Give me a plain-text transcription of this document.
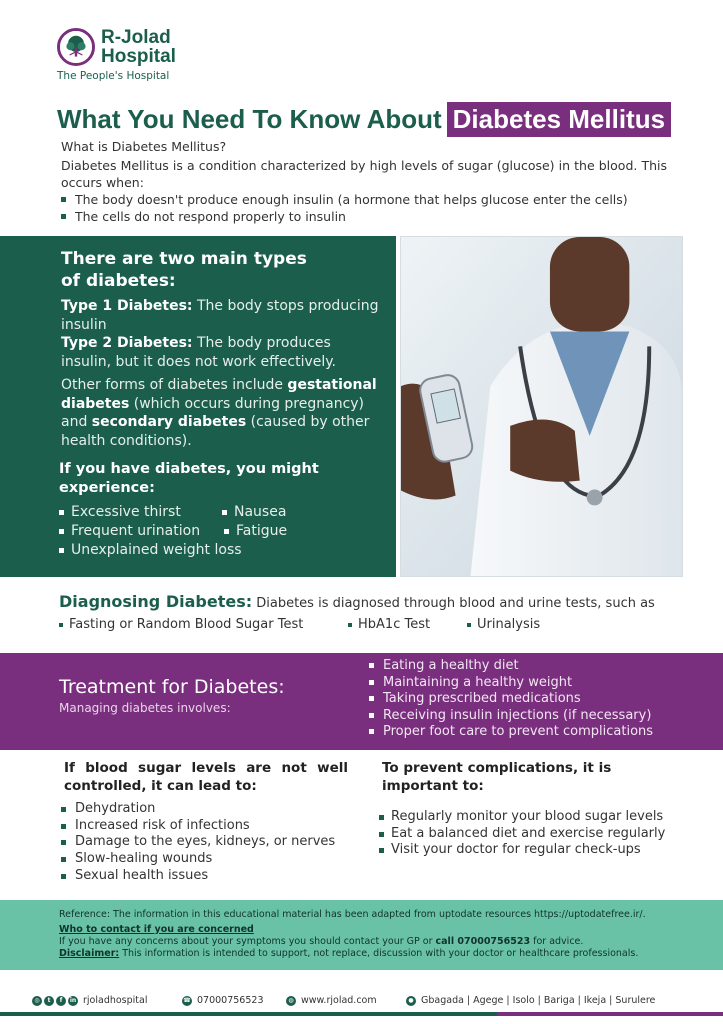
R-Jolad
Hospital
The People's Hospital
What You Need To Know About Diabetes Mellitus
What is Diabetes Mellitus?
Diabetes Mellitus is a condition characterized by high levels of sugar (glucose) in the blood. This occurs when:
The body doesn't produce enough insulin (a hormone that helps glucose enter the cells)
The cells do not respond properly to insulin
There are two main types of diabetes:
Type 1 Diabetes: The body stops producing insulin
Type 2 Diabetes: The body produces insulin, but it does not work effectively.
Other forms of diabetes include gestational diabetes (which occurs during pregnancy) and secondary diabetes (caused by other health conditions).
If you have diabetes, you might experience:
Excessive thirst	Nausea
Frequent urination	Fatigue
Unexplained weight loss
Diagnosing Diabetes: Diabetes is diagnosed through blood and urine tests, such as
Fasting or Random Blood Sugar Test	HbA1c Test	Urinalysis
Treatment for Diabetes:
Managing diabetes involves:
Eating a healthy diet
Maintaining a healthy weight
Taking prescribed medications
Receiving insulin injections (if necessary)
Proper foot care to prevent complications
If blood sugar levels are not well controlled, it can lead to:
Dehydration
Increased risk of infections
Damage to the eyes, kidneys, or nerves
Slow-healing wounds
Sexual health issues
To prevent complications, it is important to:
Regularly monitor your blood sugar levels
Eat a balanced diet and exercise regularly
Visit your doctor for regular check-ups
Reference: The information in this educational material has been adapted from uptodate resources https://uptodatefree.ir/.
Who to contact if you are concerned
If you have any concerns about your symptoms you should contact your GP or call 07000756523 for advice.
Disclaimer: This information is intended to support, not replace, discussion with your doctor or healthcare professionals.
◎	t	f	in rjoladhospital	☎ 07000756523	◍ www.rjolad.com	● Gbagada | Agege | Isolo | Bariga | Ikeja | Surulere
